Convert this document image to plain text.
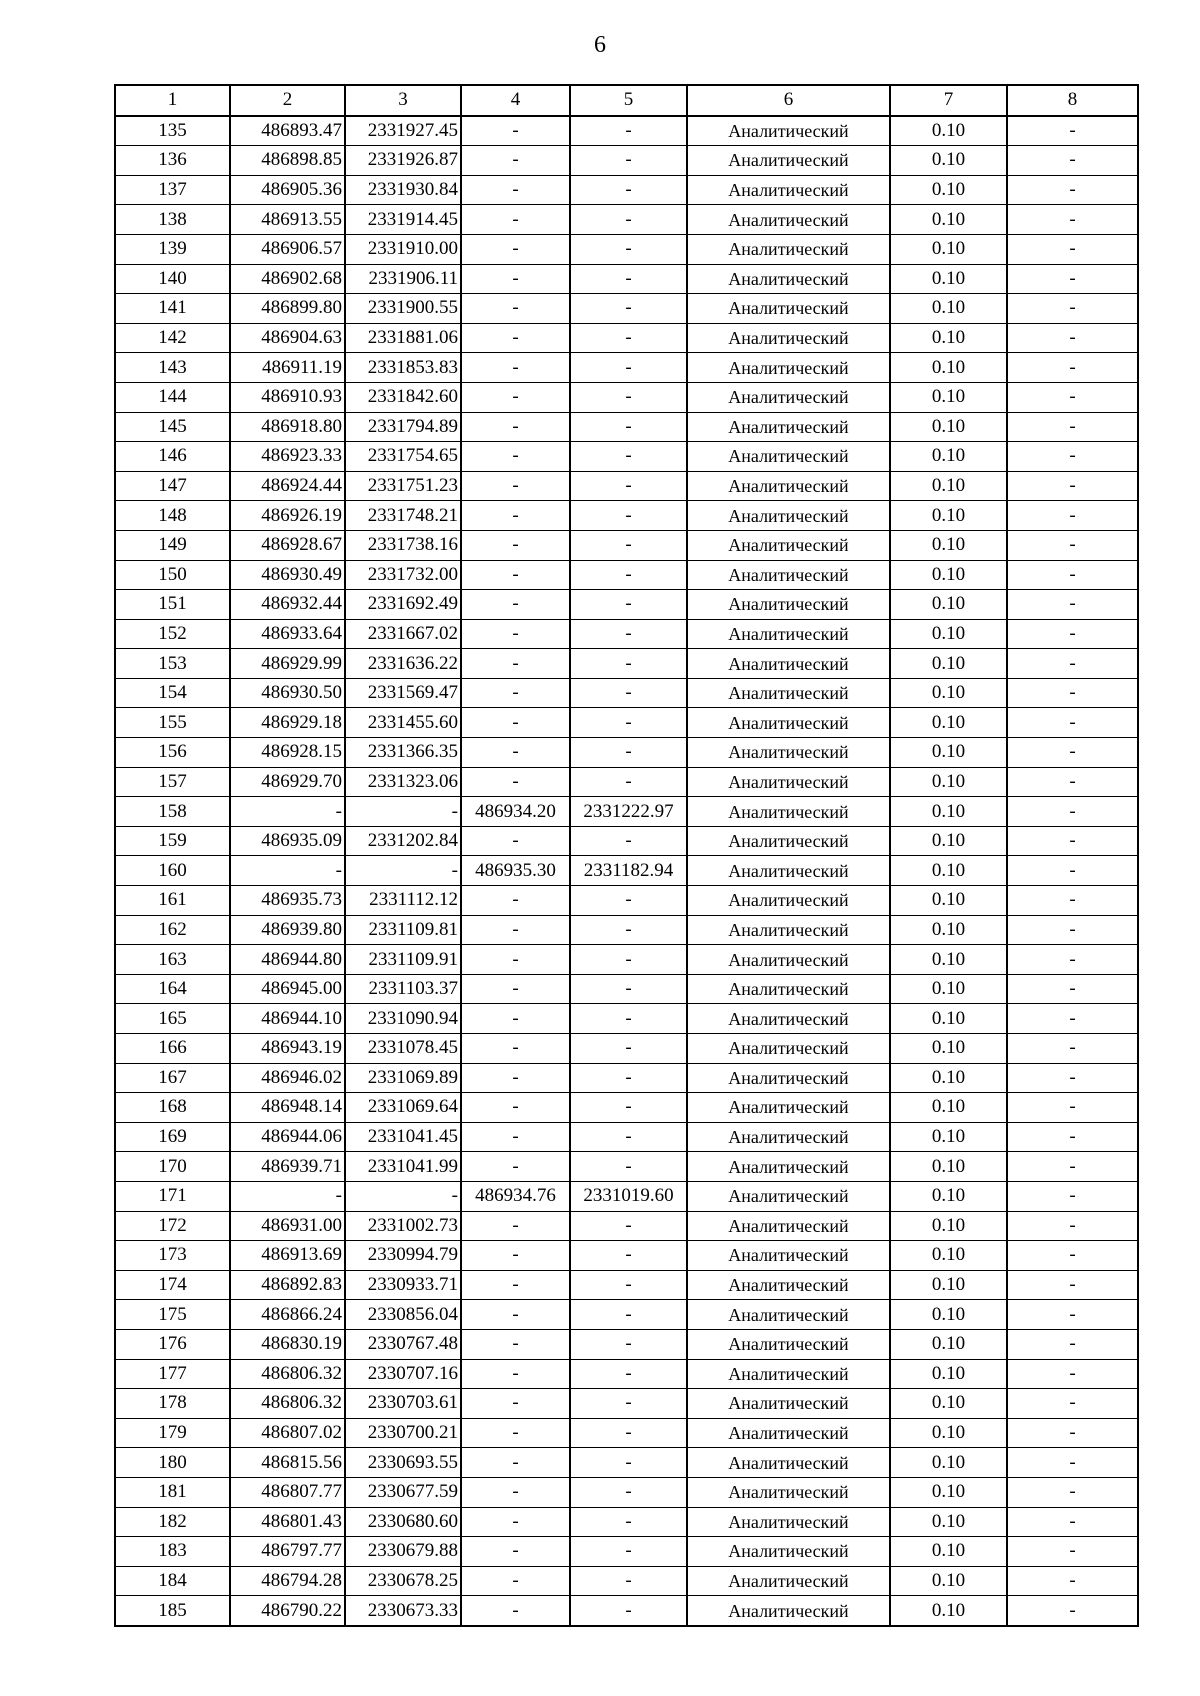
6
1	2	3	4	5	6	7	8
135	486893.47	2331927.45	-	-	Аналитический	0.10	-
136	486898.85	2331926.87	-	-	Аналитический	0.10	-
137	486905.36	2331930.84	-	-	Аналитический	0.10	-
138	486913.55	2331914.45	-	-	Аналитический	0.10	-
139	486906.57	2331910.00	-	-	Аналитический	0.10	-
140	486902.68	2331906.11	-	-	Аналитический	0.10	-
141	486899.80	2331900.55	-	-	Аналитический	0.10	-
142	486904.63	2331881.06	-	-	Аналитический	0.10	-
143	486911.19	2331853.83	-	-	Аналитический	0.10	-
144	486910.93	2331842.60	-	-	Аналитический	0.10	-
145	486918.80	2331794.89	-	-	Аналитический	0.10	-
146	486923.33	2331754.65	-	-	Аналитический	0.10	-
147	486924.44	2331751.23	-	-	Аналитический	0.10	-
148	486926.19	2331748.21	-	-	Аналитический	0.10	-
149	486928.67	2331738.16	-	-	Аналитический	0.10	-
150	486930.49	2331732.00	-	-	Аналитический	0.10	-
151	486932.44	2331692.49	-	-	Аналитический	0.10	-
152	486933.64	2331667.02	-	-	Аналитический	0.10	-
153	486929.99	2331636.22	-	-	Аналитический	0.10	-
154	486930.50	2331569.47	-	-	Аналитический	0.10	-
155	486929.18	2331455.60	-	-	Аналитический	0.10	-
156	486928.15	2331366.35	-	-	Аналитический	0.10	-
157	486929.70	2331323.06	-	-	Аналитический	0.10	-
158	-	-	486934.20	2331222.97	Аналитический	0.10	-
159	486935.09	2331202.84	-	-	Аналитический	0.10	-
160	-	-	486935.30	2331182.94	Аналитический	0.10	-
161	486935.73	2331112.12	-	-	Аналитический	0.10	-
162	486939.80	2331109.81	-	-	Аналитический	0.10	-
163	486944.80	2331109.91	-	-	Аналитический	0.10	-
164	486945.00	2331103.37	-	-	Аналитический	0.10	-
165	486944.10	2331090.94	-	-	Аналитический	0.10	-
166	486943.19	2331078.45	-	-	Аналитический	0.10	-
167	486946.02	2331069.89	-	-	Аналитический	0.10	-
168	486948.14	2331069.64	-	-	Аналитический	0.10	-
169	486944.06	2331041.45	-	-	Аналитический	0.10	-
170	486939.71	2331041.99	-	-	Аналитический	0.10	-
171	-	-	486934.76	2331019.60	Аналитический	0.10	-
172	486931.00	2331002.73	-	-	Аналитический	0.10	-
173	486913.69	2330994.79	-	-	Аналитический	0.10	-
174	486892.83	2330933.71	-	-	Аналитический	0.10	-
175	486866.24	2330856.04	-	-	Аналитический	0.10	-
176	486830.19	2330767.48	-	-	Аналитический	0.10	-
177	486806.32	2330707.16	-	-	Аналитический	0.10	-
178	486806.32	2330703.61	-	-	Аналитический	0.10	-
179	486807.02	2330700.21	-	-	Аналитический	0.10	-
180	486815.56	2330693.55	-	-	Аналитический	0.10	-
181	486807.77	2330677.59	-	-	Аналитический	0.10	-
182	486801.43	2330680.60	-	-	Аналитический	0.10	-
183	486797.77	2330679.88	-	-	Аналитический	0.10	-
184	486794.28	2330678.25	-	-	Аналитический	0.10	-
185	486790.22	2330673.33	-	-	Аналитический	0.10	-
